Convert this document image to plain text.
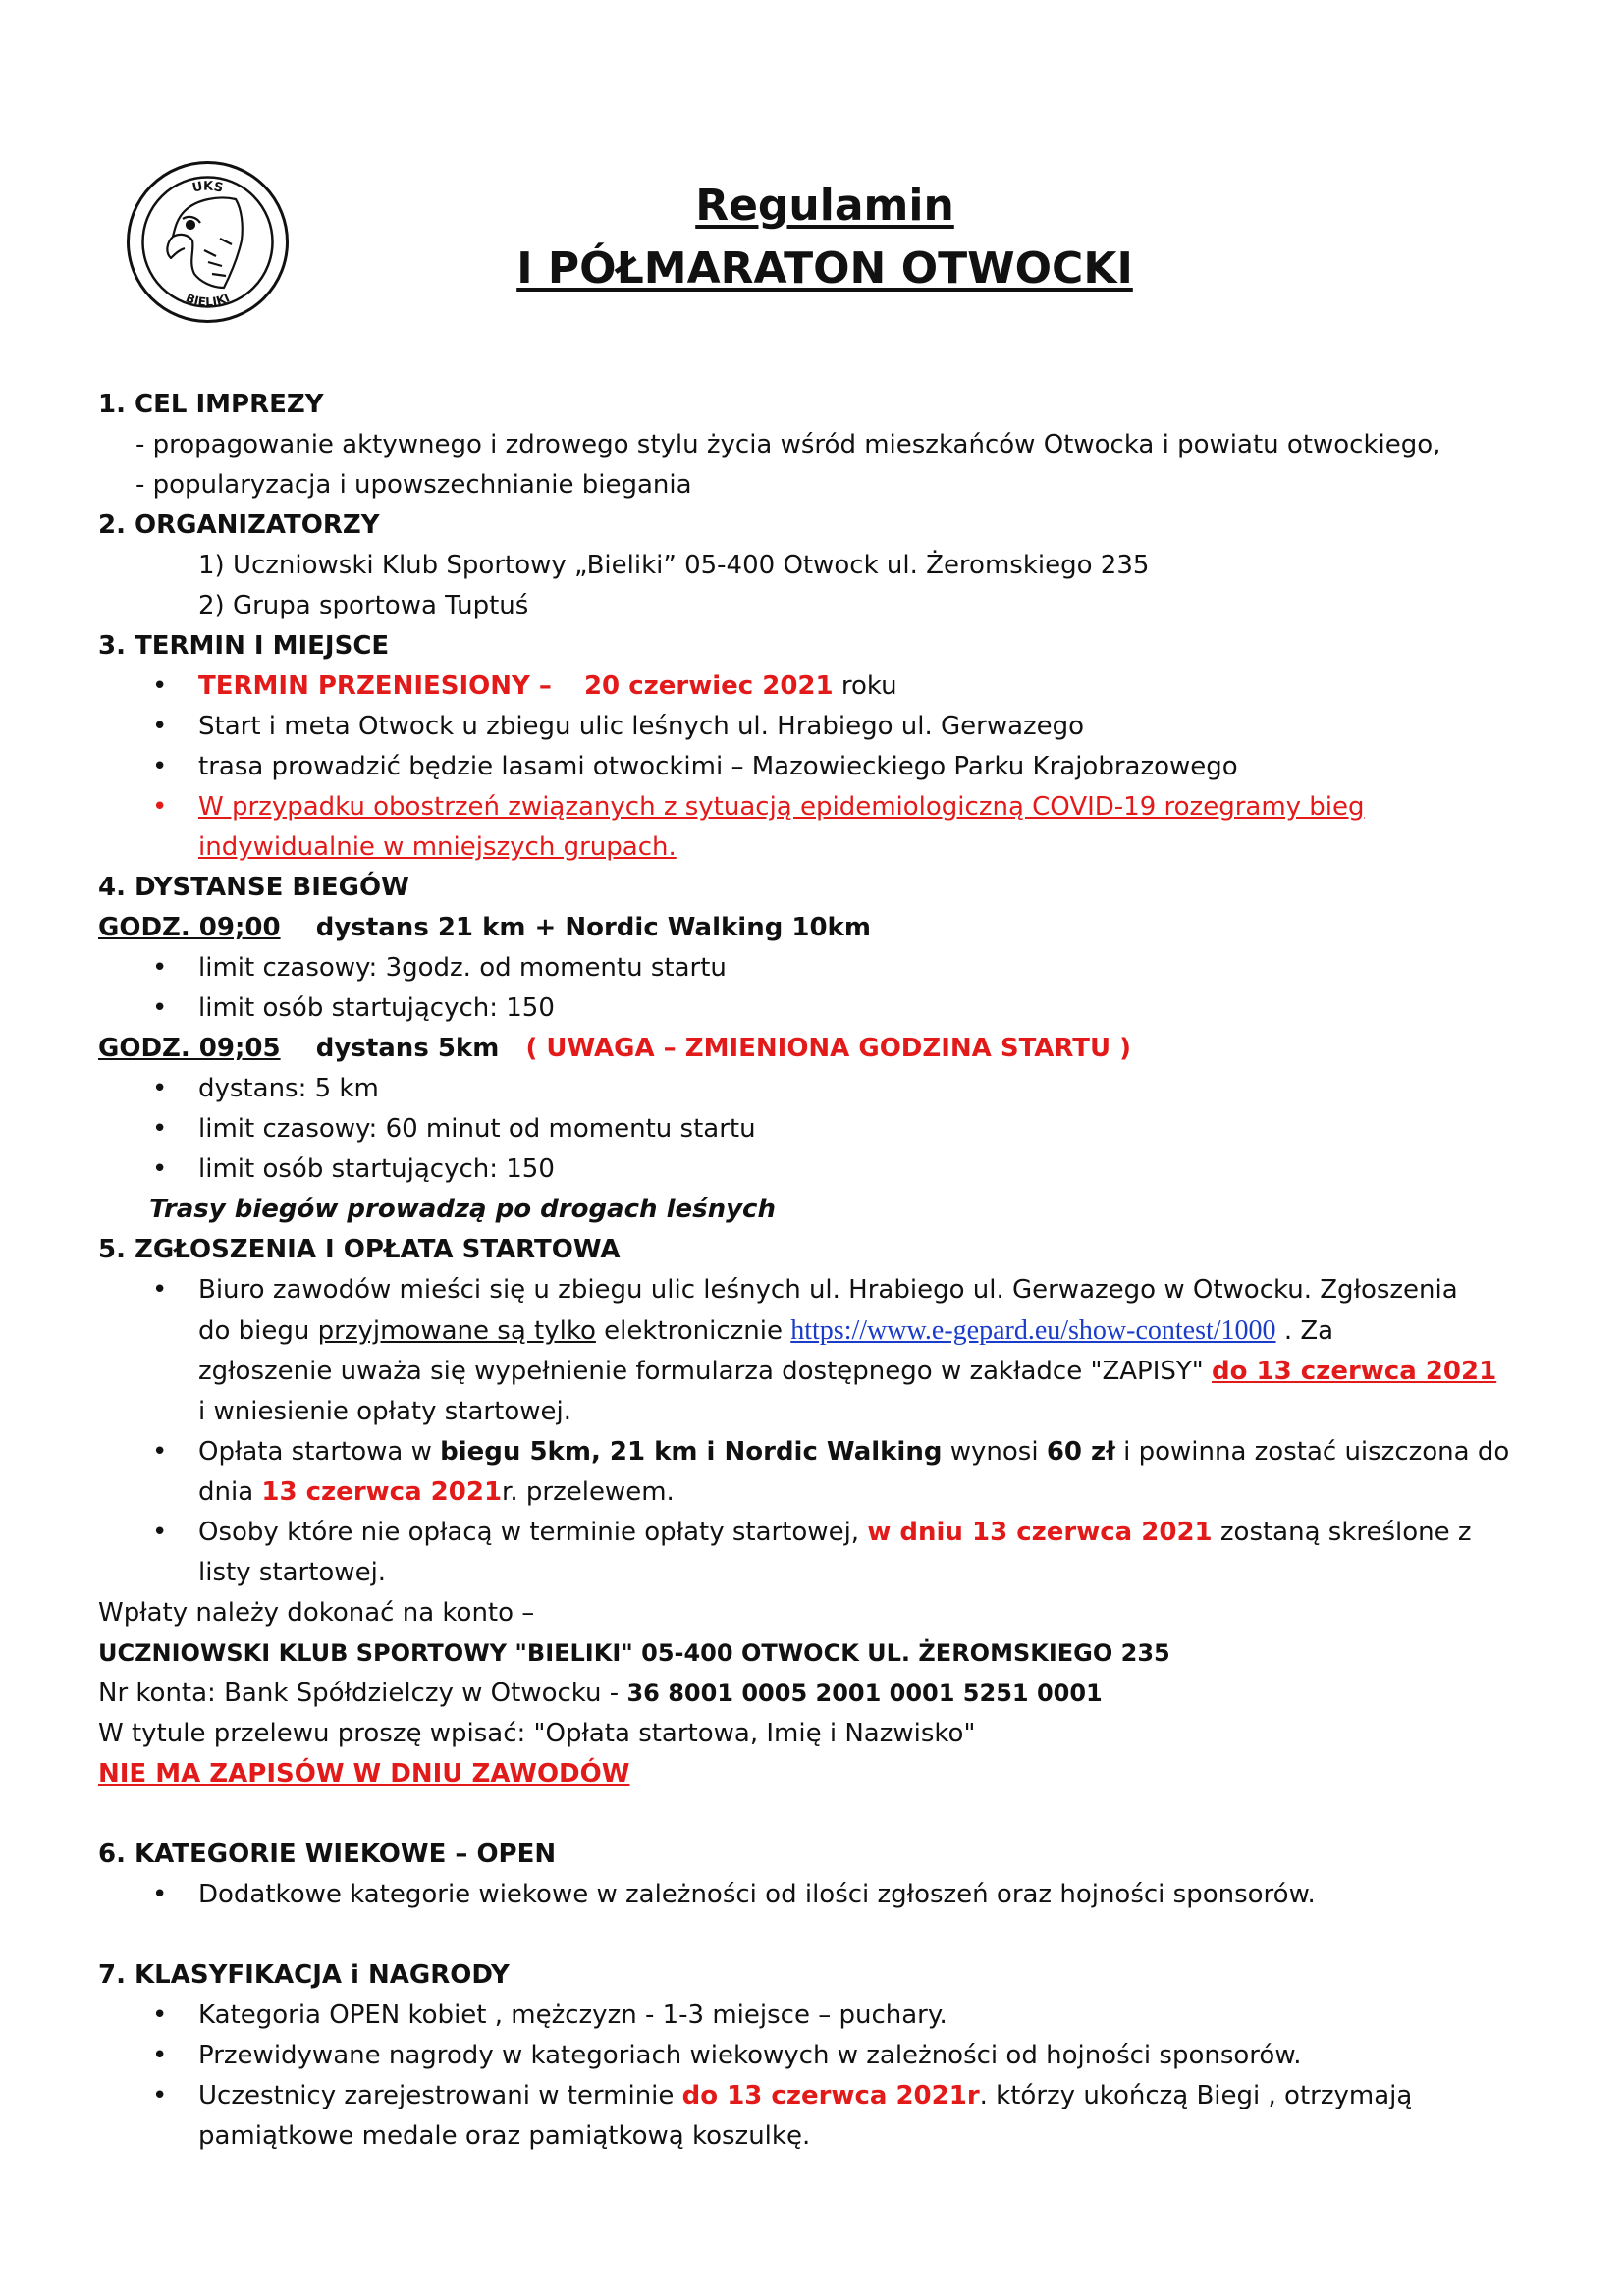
UKS
BIELIKI
Regulamin
I PÓŁMARATON OTWOCKI
1. CEL IMPREZY
- propagowanie aktywnego i zdrowego stylu życia wśród mieszkańców Otwocka i powiatu otwockiego,
- popularyzacja i upowszechnianie biegania
2. ORGANIZATORZY
1) Uczniowski Klub Sportowy „Bieliki” 05-400 Otwock ul. Żeromskiego 235
2) Grupa sportowa Tuptuś
3. TERMIN I MIEJSCE
• TERMIN PRZENIESIONY – 20 czerwiec 2021 roku
• Start i meta Otwock u zbiegu ulic leśnych ul. Hrabiego ul. Gerwazego
• trasa prowadzić będzie lasami otwockimi – Mazowieckiego Parku Krajobrazowego
• W przypadku obostrzeń związanych z sytuacją epidemiologiczną COVID-19 rozegramy bieg
indywidualnie w mniejszych grupach.
4. DYSTANSE BIEGÓW
GODZ. 09;00 dystans 21 km + Nordic Walking 10km
• limit czasowy: 3godz. od momentu startu
• limit osób startujących: 150
GODZ. 09;05 dystans 5km ( UWAGA – ZMIENIONA GODZINA STARTU )
• dystans: 5 km
• limit czasowy: 60 minut od momentu startu
• limit osób startujących: 150
Trasy biegów prowadzą po drogach leśnych
5. ZGŁOSZENIA I OPŁATA STARTOWA
• Biuro zawodów mieści się u zbiegu ulic leśnych ul. Hrabiego ul. Gerwazego w Otwocku. Zgłoszenia
do biegu przyjmowane są tylko elektronicznie https://www.e-gepard.eu/show-contest/1000 . Za
zgłoszenie uważa się wypełnienie formularza dostępnego w zakładce "ZAPISY" do 13 czerwca 2021
i wniesienie opłaty startowej.
• Opłata startowa w biegu 5km, 21 km i Nordic Walking wynosi 60 zł i powinna zostać uiszczona do
dnia 13 czerwca 2021r. przelewem.
• Osoby które nie opłacą w terminie opłaty startowej, w dniu 13 czerwca 2021 zostaną skreślone z
listy startowej.
Wpłaty należy dokonać na konto –
UCZNIOWSKI KLUB SPORTOWY "BIELIKI" 05-400 OTWOCK UL. ŻEROMSKIEGO 235
Nr konta: Bank Spółdzielczy w Otwocku - 36 8001 0005 2001 0001 5251 0001
W tytule przelewu proszę wpisać: "Opłata startowa, Imię i Nazwisko"
NIE MA ZAPISÓW W DNIU ZAWODÓW
6. KATEGORIE WIEKOWE – OPEN
• Dodatkowe kategorie wiekowe w zależności od ilości zgłoszeń oraz hojności sponsorów.
7. KLASYFIKACJA i NAGRODY
• Kategoria OPEN kobiet , mężczyzn - 1-3 miejsce – puchary.
• Przewidywane nagrody w kategoriach wiekowych w zależności od hojności sponsorów.
• Uczestnicy zarejestrowani w terminie do 13 czerwca 2021r. którzy ukończą Biegi , otrzymają
pamiątkowe medale oraz pamiątkową koszulkę.
